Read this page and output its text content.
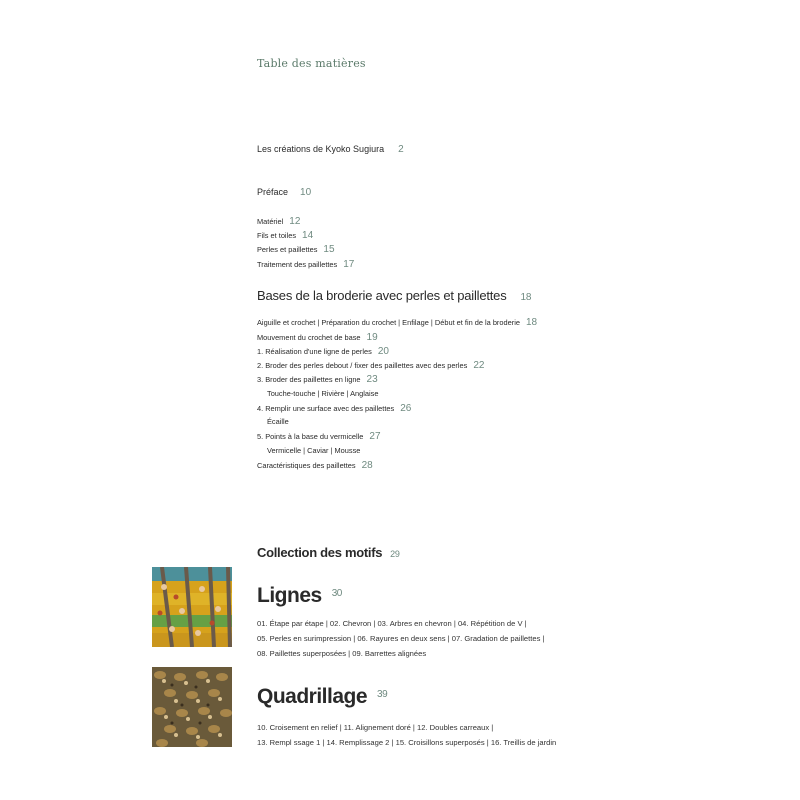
Table des matières
Les créations de Kyoko Sugiura 2
Préface 10
Matériel 12
Fils et toiles 14
Perles et paillettes 15
Traitement des paillettes 17
Bases de la broderie avec perles et paillettes 18
Aiguille et crochet | Préparation du crochet | Enfilage | Début et fin de la broderie 18
Mouvement du crochet de base 19
1. Réalisation d'une ligne de perles 20
2. Broder des perles debout / fixer des paillettes avec des perles 22
3. Broder des paillettes en ligne 23
Touche-touche | Rivière | Anglaise
4. Remplir une surface avec des paillettes 26
Écaille
5. Points à la base du vermicelle 27
Vermicelle | Caviar | Mousse
Caractéristiques des paillettes 28
Collection des motifs 29
Lignes $^{30}$
01. Étape par étape | 02. Chevron | 03. Arbres en chevron | 04. Répétition de V |
05. Perles en surimpression | 06. Rayures en deux sens | 07. Gradation de paillettes |
08. Paillettes superposées | 09. Barrettes alignées
Quadrillage $^{39}$
10. Croisement en relief | 11. Alignement doré | 12. Doubles carreaux |
13. Rempl ssage 1 | 14. Remplissage 2 | 15. Croisillons superposés | 16. Treillis de jardin
